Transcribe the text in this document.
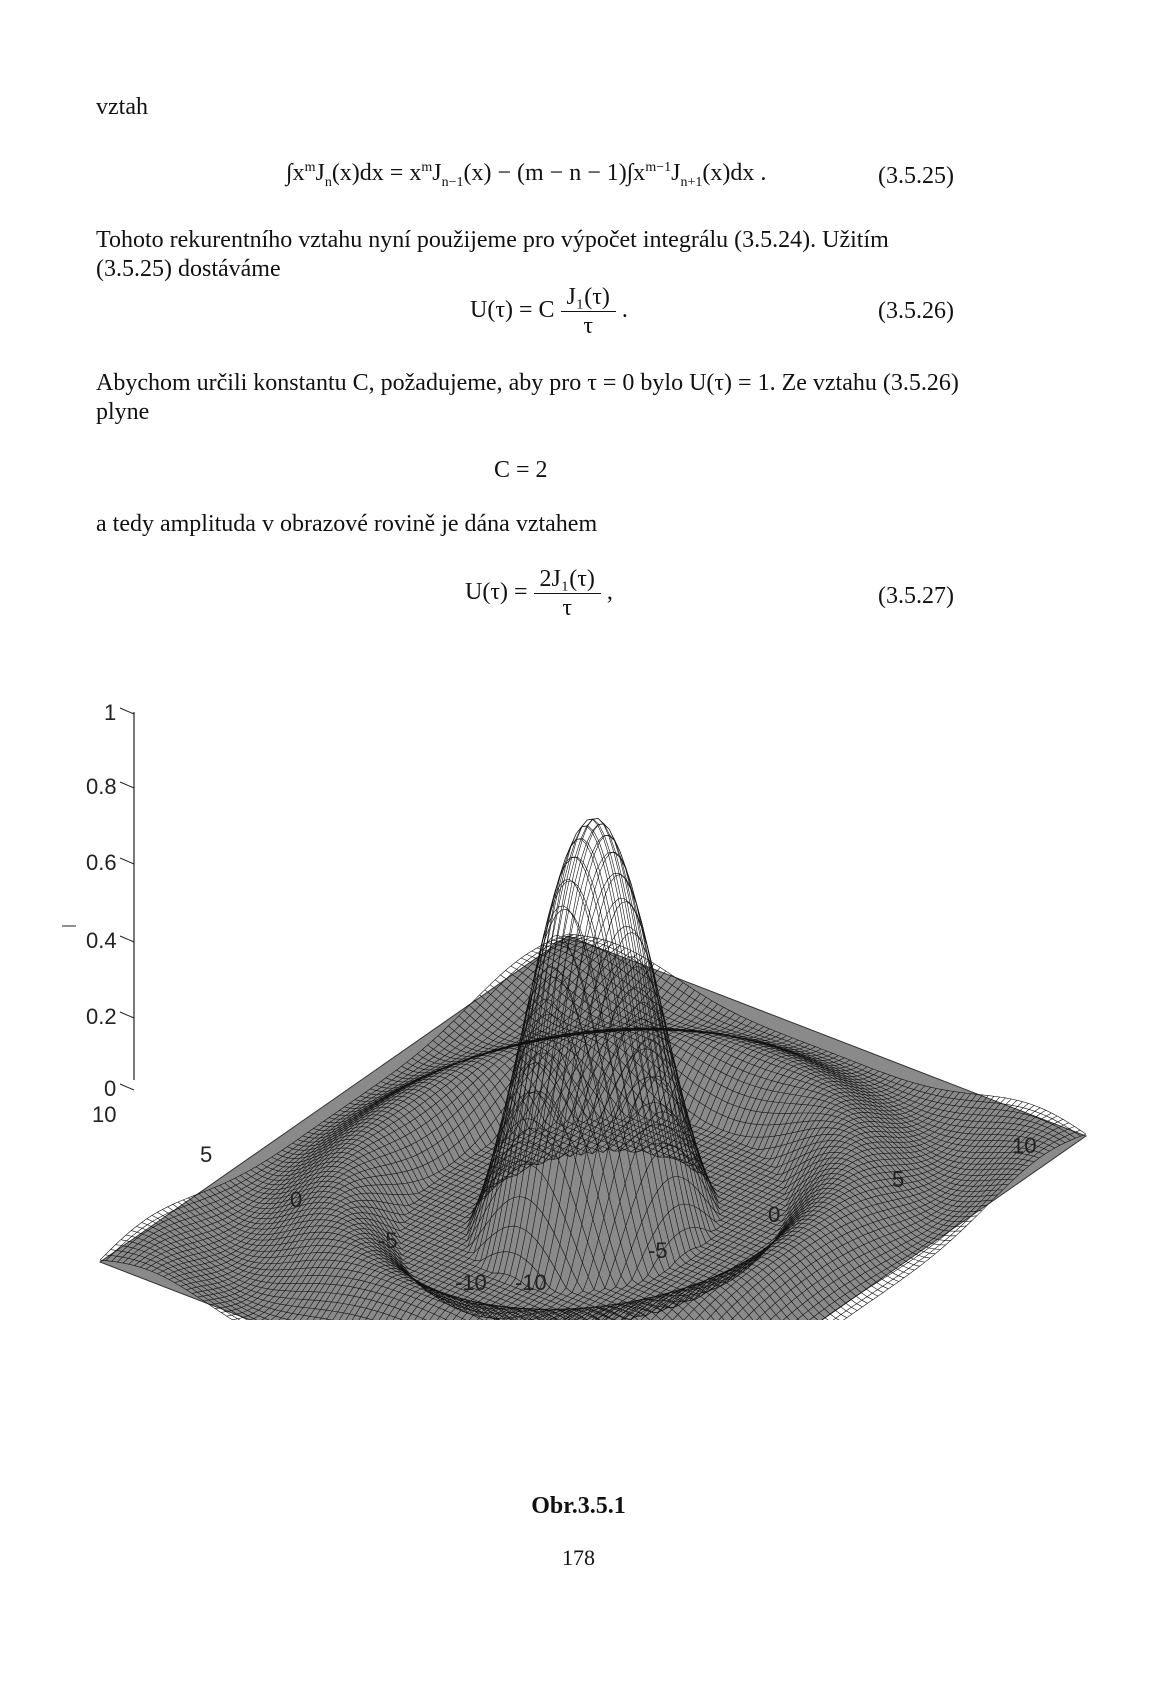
vztah
$\int x^mJ_n(x)dx = x^mJ_{n-1}(x) - (m - n - 1)\int x^{m-1}J_{n+1}(x)dx$ .	(3.5.25)
Tohoto rekurentního vztahu nyní použijeme pro výpočet integrálu (3.5.24). Užitím (3.5.25) dostáváme
U(τ) = C $\frac{\text{J₁(τ)}}{\tau}$ .	(3.5.26)
Abychom určili konstantu C, požadujeme, aby pro τ = 0 bylo U(τ) = 1. Ze vztahu (3.5.26) plyne
C = 2
a tedy amplituda v obrazové rovině je dána vztahem
$U(\tau) = \frac{\text{2J₁(τ)}}{\tau}$ ,	(3.5.27)
0
0.2
0.4
0.6
0.8
1
-10
-5
0
5
10
-10
-5
0
5
10
Obr.3.5.1
178
